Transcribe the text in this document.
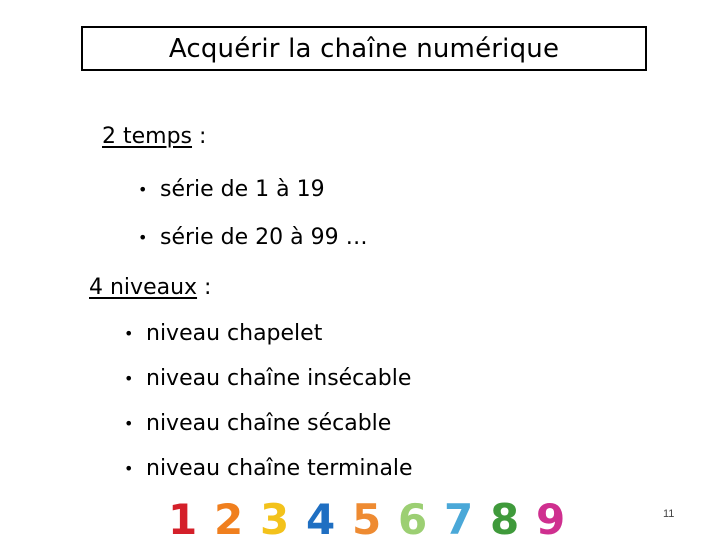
Acquérir la chaîne numérique
2 temps :
• série de 1 à 19
• série de 20 à 99 …
4 niveaux :
• niveau chapelet
• niveau chaîne insécable
• niveau chaîne sécable
• niveau chaîne terminale
1 2 3 4 5 6 7 8 9	11
